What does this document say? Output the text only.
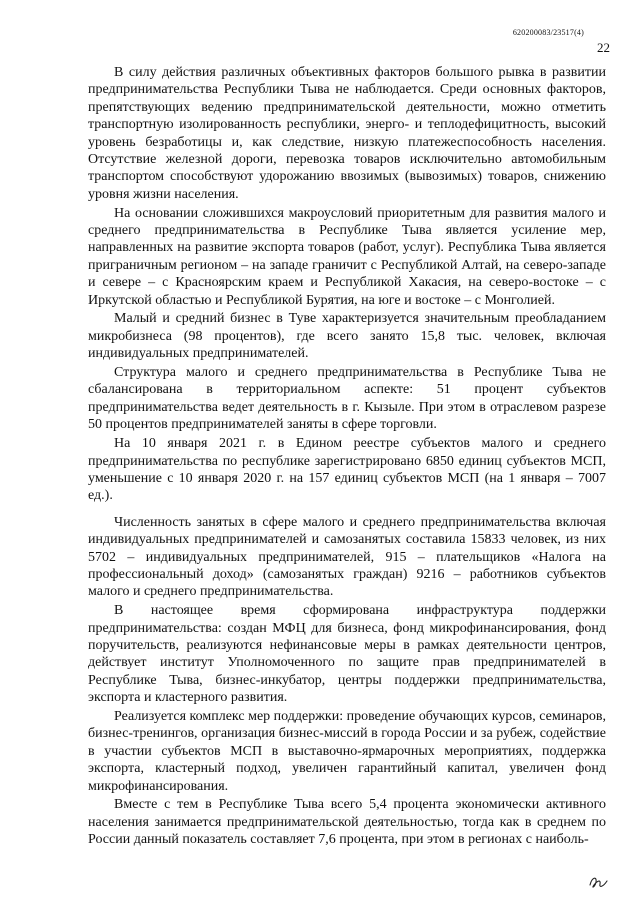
620200083/23517(4)
22

В силу действия различных объективных факторов большого рывка в развитии предпринимательства Республики Тыва не наблюдается. Среди основных факторов, препятствующих ведению предпринимательской деятельности, можно отметить транспортную изолированность республики, энерго- и теплодефицитность, высокий уровень безработицы и, как следствие, низкую платежеспособность населения. Отсутствие железной дороги, перевозка товаров исключительно автомобильным транспортом способствуют удорожанию ввозимых (вывозимых) товаров, снижению уровня жизни населения.

На основании сложившихся макроусловий приоритетным для развития малого и среднего предпринимательства в Республике Тыва является усиление мер, направленных на развитие экспорта товаров (работ, услуг). Республика Тыва является приграничным регионом – на западе граничит с Республикой Алтай, на северо-западе и севере – с Красноярским краем и Республикой Хакасия, на северо-востоке – с Иркутской областью и Республикой Бурятия, на юге и востоке – с Монголией.

Малый и средний бизнес в Туве характеризуется значительным преобладанием микробизнеса (98 процентов), где всего занято 15,8 тыс. человек, включая индивидуальных предпринимателей.

Структура малого и среднего предпринимательства в Республике Тыва не сбалансирована в территориальном аспекте: 51 процент субъектов предпринимательства ведет деятельность в г. Кызыле. При этом в отраслевом разрезе 50 процентов предпринимателей заняты в сфере торговли.

На 10 января 2021 г. в Едином реестре субъектов малого и среднего предпринимательства по республике зарегистрировано 6850 единиц субъектов МСП, уменьшение с 10 января 2020 г. на 157 единиц субъектов МСП (на 1 января – 7007 ед.).

Численность занятых в сфере малого и среднего предпринимательства включая индивидуальных предпринимателей и самозанятых составила 15833 человек, из них 5702 – индивидуальных предпринимателей, 915 – плательщиков «Налога на профессиональный доход» (самозанятых граждан) 9216 – работников субъектов малого и среднего предпринимательства.

В настоящее время сформирована инфраструктура поддержки предпринимательства: создан МФЦ для бизнеса, фонд микрофинансирования, фонд поручительств, реализуются нефинансовые меры в рамках деятельности центров, действует институт Уполномоченного по защите прав предпринимателей в Республике Тыва, бизнес-инкубатор, центры поддержки предпринимательства, экспорта и кластерного развития.

Реализуется комплекс мер поддержки: проведение обучающих курсов, семинаров, бизнес-тренингов, организация бизнес-миссий в города России и за рубеж, содействие в участии субъектов МСП в выставочно-ярмарочных мероприятиях, поддержка экспорта, кластерный подход, увеличен гарантийный капитал, увеличен фонд микрофинансирования.

Вместе с тем в Республике Тыва всего 5,4 процента экономически активного населения занимается предпринимательской деятельностью, тогда как в среднем по России данный показатель составляет 7,6 процента, при этом в регионах с наиболь-
